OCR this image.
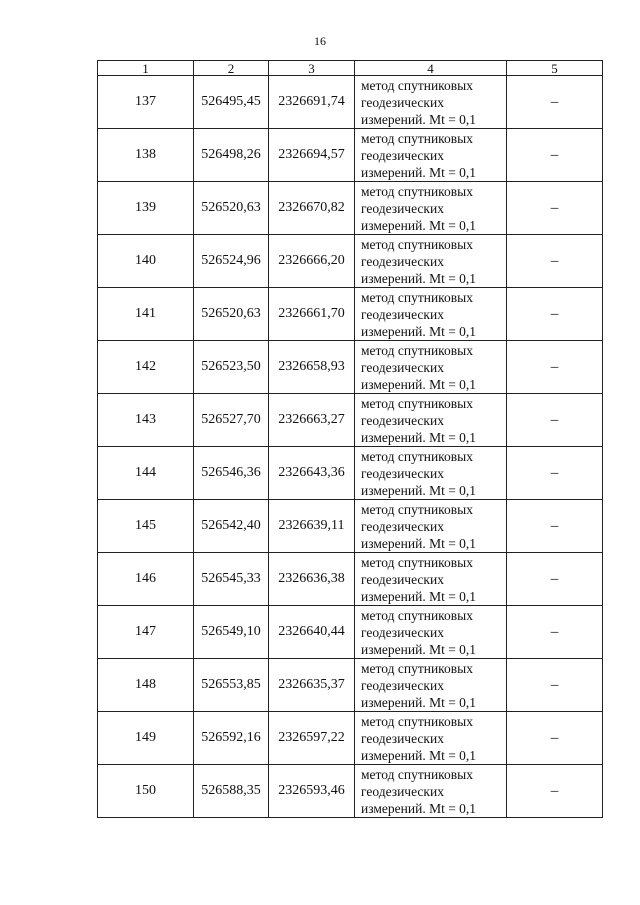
16
1	2	3	4	5
137	526495,45	2326691,74	метод спутниковых
геодезических
измерений. Mt = 0,1	–
138	526498,26	2326694,57	метод спутниковых
геодезических
измерений. Mt = 0,1	–
139	526520,63	2326670,82	метод спутниковых
геодезических
измерений. Mt = 0,1	–
140	526524,96	2326666,20	метод спутниковых
геодезических
измерений. Mt = 0,1	–
141	526520,63	2326661,70	метод спутниковых
геодезических
измерений. Mt = 0,1	–
142	526523,50	2326658,93	метод спутниковых
геодезических
измерений. Mt = 0,1	–
143	526527,70	2326663,27	метод спутниковых
геодезических
измерений. Mt = 0,1	–
144	526546,36	2326643,36	метод спутниковых
геодезических
измерений. Mt = 0,1	–
145	526542,40	2326639,11	метод спутниковых
геодезических
измерений. Mt = 0,1	–
146	526545,33	2326636,38	метод спутниковых
геодезических
измерений. Mt = 0,1	–
147	526549,10	2326640,44	метод спутниковых
геодезических
измерений. Mt = 0,1	–
148	526553,85	2326635,37	метод спутниковых
геодезических
измерений. Mt = 0,1	–
149	526592,16	2326597,22	метод спутниковых
геодезических
измерений. Mt = 0,1	–
150	526588,35	2326593,46	метод спутниковых
геодезических
измерений. Mt = 0,1	–
